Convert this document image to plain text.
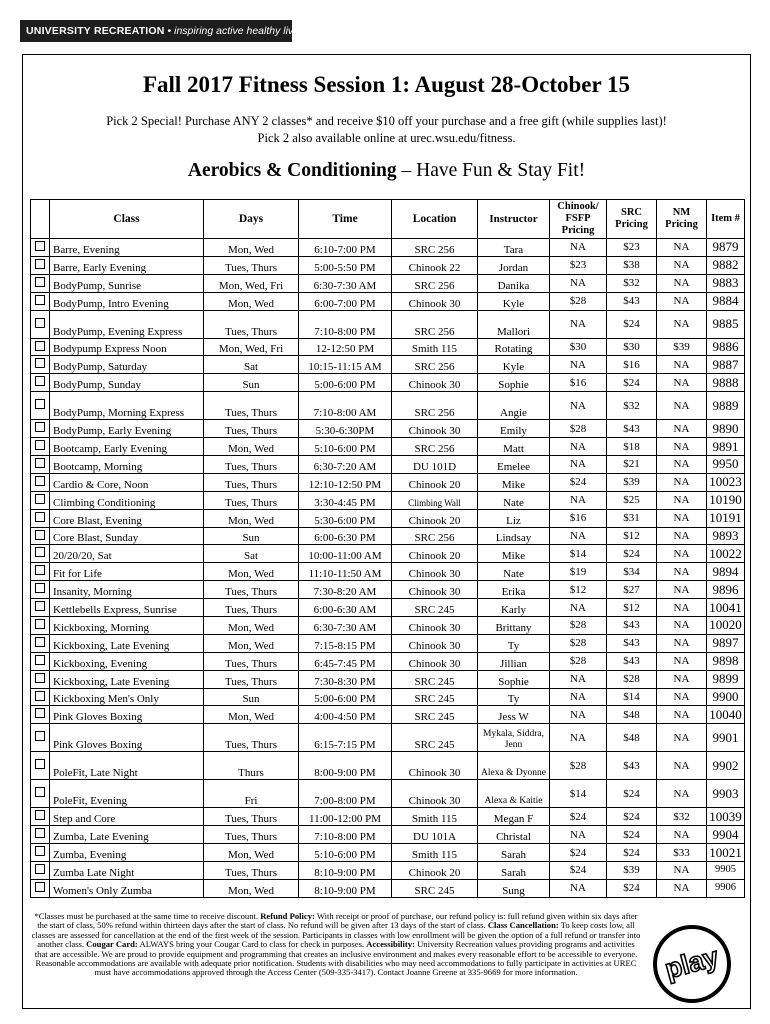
UNIVERSITY RECREATION • inspiring active healthy living
Fall 2017 Fitness Session 1: August 28-October 15
Pick 2 Special! Purchase ANY 2 classes* and receive $10 off your purchase and a free gift (while supplies last)!
Pick 2 also available online at urec.wsu.edu/fitness.
Aerobics & Conditioning – Have Fun & Stay Fit!
	Class	Days	Time	Location	Instructor	Chinook/ FSFP Pricing	SRC Pricing	NM Pricing	Item #
	Barre, Evening	Mon, Wed	6:10-7:00 PM	SRC 256	Tara	NA	$23	NA	9879
	Barre, Early Evening	Tues, Thurs	5:00-5:50 PM	Chinook 22	Jordan	$23	$38	NA	9882
	BodyPump, Sunrise	Mon, Wed, Fri	6:30-7:30 AM	SRC 256	Danika	NA	$32	NA	9883
	BodyPump, Intro Evening	Mon, Wed	6:00-7:00 PM	Chinook 30	Kyle	$28	$43	NA	9884
	BodyPump, Evening Express	Tues, Thurs	7:10-8:00 PM	SRC 256	Mallori	NA	$24	NA	9885
	Bodypump Express Noon	Mon, Wed, Fri	12-12:50 PM	Smith 115	Rotating	$30	$30	$39	9886
	BodyPump, Saturday	Sat	10:15-11:15 AM	SRC 256	Kyle	NA	$16	NA	9887
	BodyPump, Sunday	Sun	5:00-6:00 PM	Chinook 30	Sophie	$16	$24	NA	9888
	BodyPump, Morning Express	Tues, Thurs	7:10-8:00 AM	SRC 256	Angie	NA	$32	NA	9889
	BodyPump, Early Evening	Tues, Thurs	5:30-6:30PM	Chinook 30	Emily	$28	$43	NA	9890
	Bootcamp, Early Evening	Mon, Wed	5:10-6:00 PM	SRC 256	Matt	NA	$18	NA	9891
	Bootcamp, Morning	Tues, Thurs	6:30-7:20 AM	DU 101D	Emelee	NA	$21	NA	9950
	Cardio & Core, Noon	Tues, Thurs	12:10-12:50 PM	Chinook 20	Mike	$24	$39	NA	10023
	Climbing Conditioning	Tues, Thurs	3:30-4:45 PM	Climbing Wall	Nate	NA	$25	NA	10190
	Core Blast, Evening	Mon, Wed	5:30-6:00 PM	Chinook 20	Liz	$16	$31	NA	10191
	Core Blast, Sunday	Sun	6:00-6:30 PM	SRC 256	Lindsay	NA	$12	NA	9893
	20/20/20, Sat	Sat	10:00-11:00 AM	Chinook 20	Mike	$14	$24	NA	10022
	Fit for Life	Mon, Wed	11:10-11:50 AM	Chinook 30	Nate	$19	$34	NA	9894
	Insanity, Morning	Tues, Thurs	7:30-8:20 AM	Chinook 30	Erika	$12	$27	NA	9896
	Kettlebells Express, Sunrise	Tues, Thurs	6:00-6:30 AM	SRC 245	Karly	NA	$12	NA	10041
	Kickboxing, Morning	Mon, Wed	6:30-7:30 AM	Chinook 30	Brittany	$28	$43	NA	10020
	Kickboxing, Late Evening	Mon, Wed	7:15-8:15 PM	Chinook 30	Ty	$28	$43	NA	9897
	Kickboxing, Evening	Tues, Thurs	6:45-7:45 PM	Chinook 30	Jillian	$28	$43	NA	9898
	Kickboxing, Late Evening	Tues, Thurs	7:30-8:30 PM	SRC 245	Sophie	NA	$28	NA	9899
	Kickboxing Men's Only	Sun	5:00-6:00 PM	SRC 245	Ty	NA	$14	NA	9900
	Pink Gloves Boxing	Mon, Wed	4:00-4:50 PM	SRC 245	Jess W	NA	$48	NA	10040
	Pink Gloves Boxing	Tues, Thurs	6:15-7:15 PM	SRC 245	Mykala, Siddra, Jenn	NA	$48	NA	9901
	PoleFit, Late Night	Thurs	8:00-9:00 PM	Chinook 30	Alexa & Dyonne	$28	$43	NA	9902
	PoleFit, Evening	Fri	7:00-8:00 PM	Chinook 30	Alexa & Kaitie	$14	$24	NA	9903
	Step and Core	Tues, Thurs	11:00-12:00 PM	Smith 115	Megan F	$24	$24	$32	10039
	Zumba, Late Evening	Tues, Thurs	7:10-8:00 PM	DU 101A	Christal	NA	$24	NA	9904
	Zumba, Evening	Mon, Wed	5:10-6:00 PM	Smith 115	Sarah	$24	$24	$33	10021
	Zumba Late Night	Tues, Thurs	8:10-9:00 PM	Chinook 20	Sarah	$24	$39	NA	9905
	Women's Only Zumba	Mon, Wed	8:10-9:00 PM	SRC 245	Sung	NA	$24	NA	9906
*Classes must be purchased at the same time to receive discount. Refund Policy: With receipt or proof of purchase, our refund policy is: full refund given within six days after the start of class, 50% refund within thirteen days after the start of class. No refund will be given after 13 days of the start of class. Class Cancellation: To keep costs low, all classes are assessed for cancellation at the end of the first week of the session. Participants in classes with low enrollment will be given the option of a full refund or transfer into another class. Cougar Card: ALWAYS bring your Cougar Card to class for check in purposes. Accessibility: University Recreation values providing programs and activities that are accessible. We are proud to provide equipment and programming that creates an inclusive environment and makes every reasonable effort to be accessible to everyone. Reasonable accommodations are available with adequate prior notification. Students with disabilities who may need accommodations to fully participate in activities at UREC must have accommodations approved through the Access Center (509-335-3417). Contact Joanne Greene at 335-9669 for more information.	play
